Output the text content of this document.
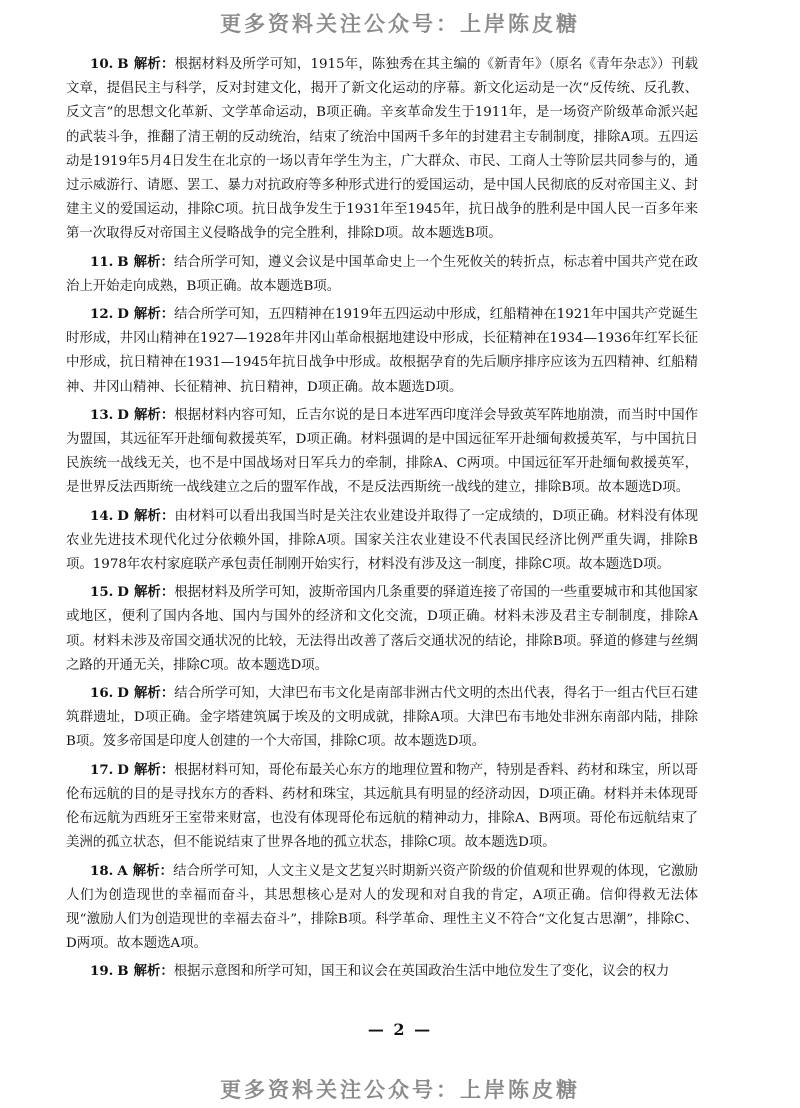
更多资料关注公众号：上岸陈皮糖

10. B 解析：根据材料及所学可知，1915年，陈独秀在其主编的《新青年》（原名《青年杂志》）刊载文章，提倡民主与科学，反对封建文化，揭开了新文化运动的序幕。新文化运动是一次“反传统、反孔教、反文言”的思想文化革新、文学革命运动，B项正确。辛亥革命发生于1911年，是一场资产阶级革命派兴起的武装斗争，推翻了清王朝的反动统治，结束了统治中国两千多年的封建君主专制制度，排除A项。五四运动是1919年5月4日发生在北京的一场以青年学生为主，广大群众、市民、工商人士等阶层共同参与的，通过示威游行、请愿、罢工、暴力对抗政府等多种形式进行的爱国运动，是中国人民彻底的反对帝国主义、封建主义的爱国运动，排除C项。抗日战争发生于1931年至1945年，抗日战争的胜利是中国人民一百多年来第一次取得反对帝国主义侵略战争的完全胜利，排除D项。故本题选B项。

11. B 解析：结合所学可知，遵义会议是中国革命史上一个生死攸关的转折点，标志着中国共产党在政治上开始走向成熟，B项正确。故本题选B项。

12. D 解析：结合所学可知，五四精神在1919年五四运动中形成，红船精神在1921年中国共产党诞生时形成，井冈山精神在1927—1928年井冈山革命根据地建设中形成，长征精神在1934—1936年红军长征中形成，抗日精神在1931—1945年抗日战争中形成。故根据孕育的先后顺序排序应该为五四精神、红船精神、井冈山精神、长征精神、抗日精神，D项正确。故本题选D项。

13. D 解析：根据材料内容可知，丘吉尔说的是日本进军西印度洋会导致英军阵地崩溃，而当时中国作为盟国，其远征军开赴缅甸救援英军，D项正确。材料强调的是中国远征军开赴缅甸救援英军，与中国抗日民族统一战线无关，也不是中国战场对日军兵力的牵制，排除A、C两项。中国远征军开赴缅甸救援英军，是世界反法西斯统一战线建立之后的盟军作战，不是反法西斯统一战线的建立，排除B项。故本题选D项。

14. D 解析：由材料可以看出我国当时是关注农业建设并取得了一定成绩的，D项正确。材料没有体现农业先进技术现代化过分依赖外国，排除A项。国家关注农业建设不代表国民经济比例严重失调，排除B项。1978年农村家庭联产承包责任制刚开始实行，材料没有涉及这一制度，排除C项。故本题选D项。

15. D 解析：根据材料及所学可知，波斯帝国内几条重要的驿道连接了帝国的一些重要城市和其他国家或地区，便利了国内各地、国内与国外的经济和文化交流，D项正确。材料未涉及君主专制制度，排除A项。材料未涉及帝国交通状况的比较，无法得出改善了落后交通状况的结论，排除B项。驿道的修建与丝绸之路的开通无关，排除C项。故本题选D项。

16. D 解析：结合所学可知，大津巴布韦文化是南部非洲古代文明的杰出代表，得名于一组古代巨石建筑群遗址，D项正确。金字塔建筑属于埃及的文明成就，排除A项。大津巴布韦地处非洲东南部内陆，排除B项。笈多帝国是印度人创建的一个大帝国，排除C项。故本题选D项。

17. D 解析：根据材料可知，哥伦布最关心东方的地理位置和物产，特别是香料、药材和珠宝，所以哥伦布远航的目的是寻找东方的香料、药材和珠宝，其远航具有明显的经济动因，D项正确。材料并未体现哥伦布远航为西班牙王室带来财富，也没有体现哥伦布远航的精神动力，排除A、B两项。哥伦布远航结束了美洲的孤立状态，但不能说结束了世界各地的孤立状态，排除C项。故本题选D项。

18. A 解析：结合所学可知，人文主义是文艺复兴时期新兴资产阶级的价值观和世界观的体现，它激励人们为创造现世的幸福而奋斗，其思想核心是对人的发现和对自我的肯定，A项正确。信仰得救无法体现“激励人们为创造现世的幸福去奋斗”，排除B项。科学革命、理性主义不符合“文化复古思潮”，排除C、D两项。故本题选A项。

19. B 解析：根据示意图和所学可知，国王和议会在英国政治生活中地位发生了变化，议会的权力

— 2 —
更多资料关注公众号：上岸陈皮糖
